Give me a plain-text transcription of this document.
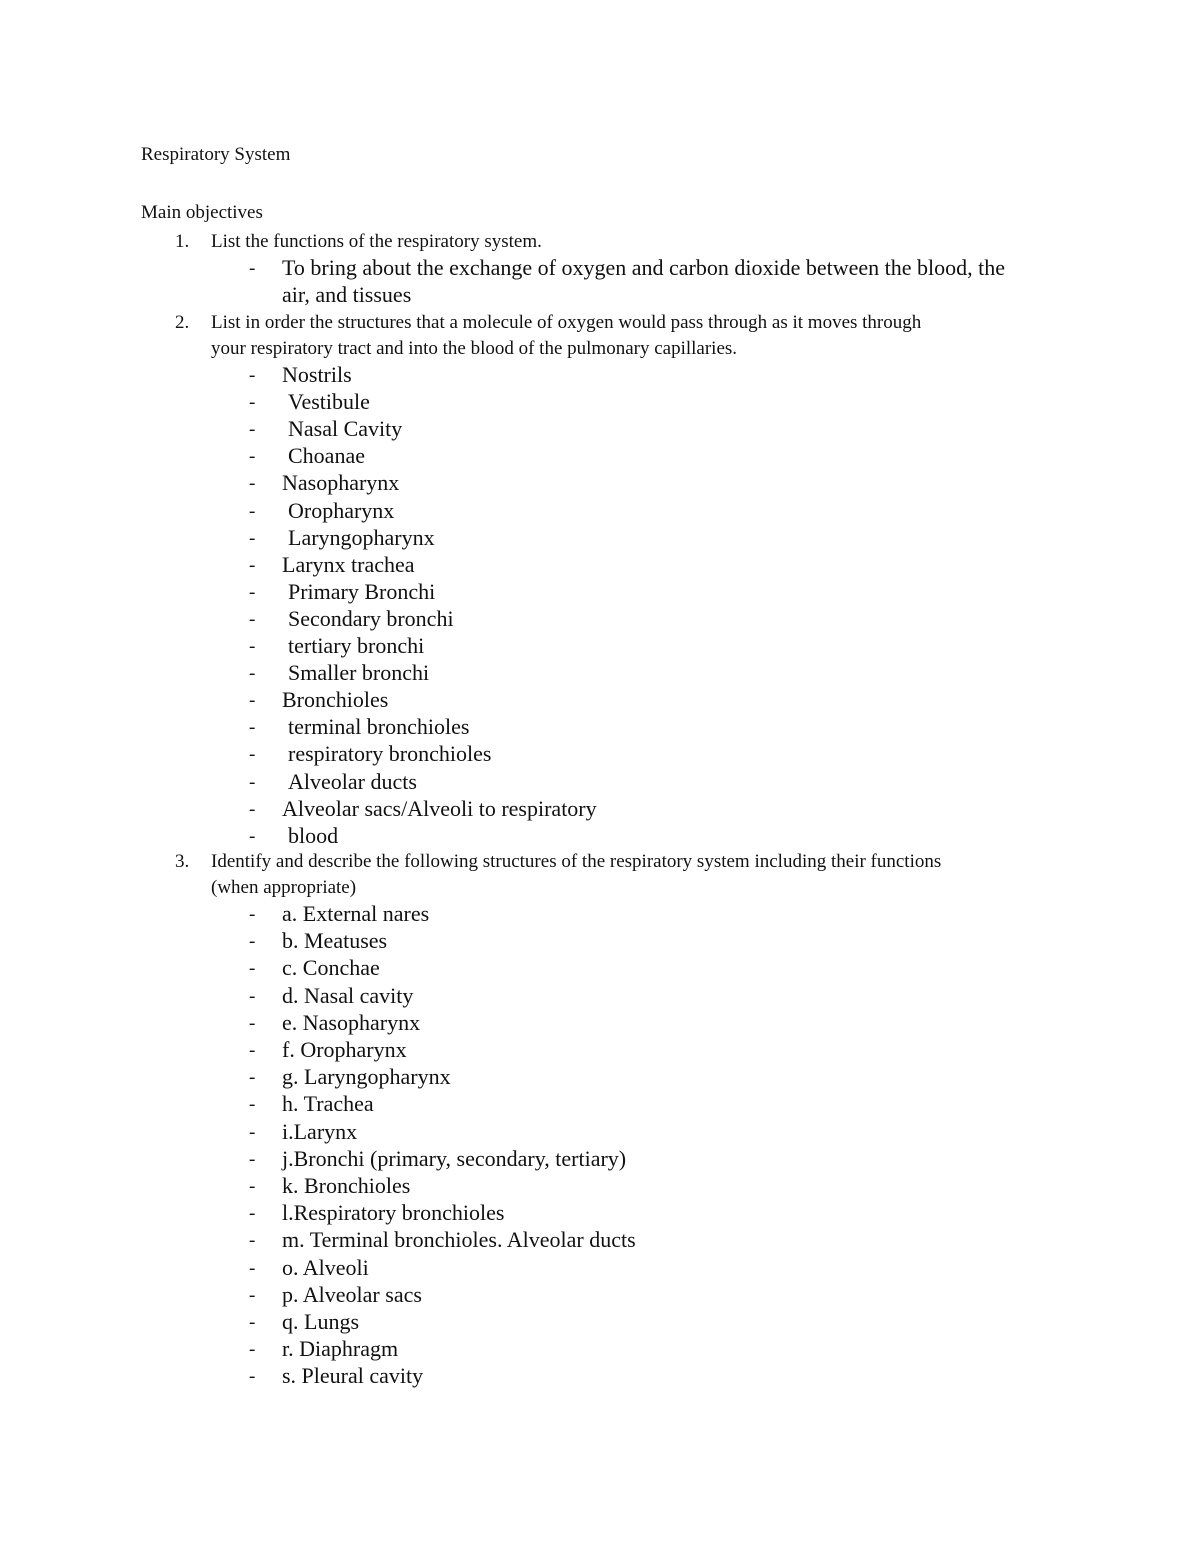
Respiratory System
Main objectives
1. List the functions of the respiratory system.
- To bring about the exchange of oxygen and carbon dioxide between the blood, the
air, and tissues
2. List in order the structures that a molecule of oxygen would pass through as it moves through
your respiratory tract and into the blood of the pulmonary capillaries.
- Nostrils
- Vestibule
- Nasal Cavity
- Choanae
- Nasopharynx
- Oropharynx
- Laryngopharynx
- Larynx trachea
- Primary Bronchi
- Secondary bronchi
- tertiary bronchi
- Smaller bronchi
- Bronchioles
- terminal bronchioles
- respiratory bronchioles
- Alveolar ducts
- Alveolar sacs/Alveoli to respiratory
- blood
3. Identify and describe the following structures of the respiratory system including their functions
(when appropriate)
- a. External nares
- b. Meatuses
- c. Conchae
- d. Nasal cavity
- e. Nasopharynx
- f. Oropharynx
- g. Laryngopharynx
- h. Trachea
- i.Larynx
- j.Bronchi (primary, secondary, tertiary)
- k. Bronchioles
- l.Respiratory bronchioles
- m. Terminal bronchioles. Alveolar ducts
- o. Alveoli
- p. Alveolar sacs
- q. Lungs
- r. Diaphragm
- s. Pleural cavity
